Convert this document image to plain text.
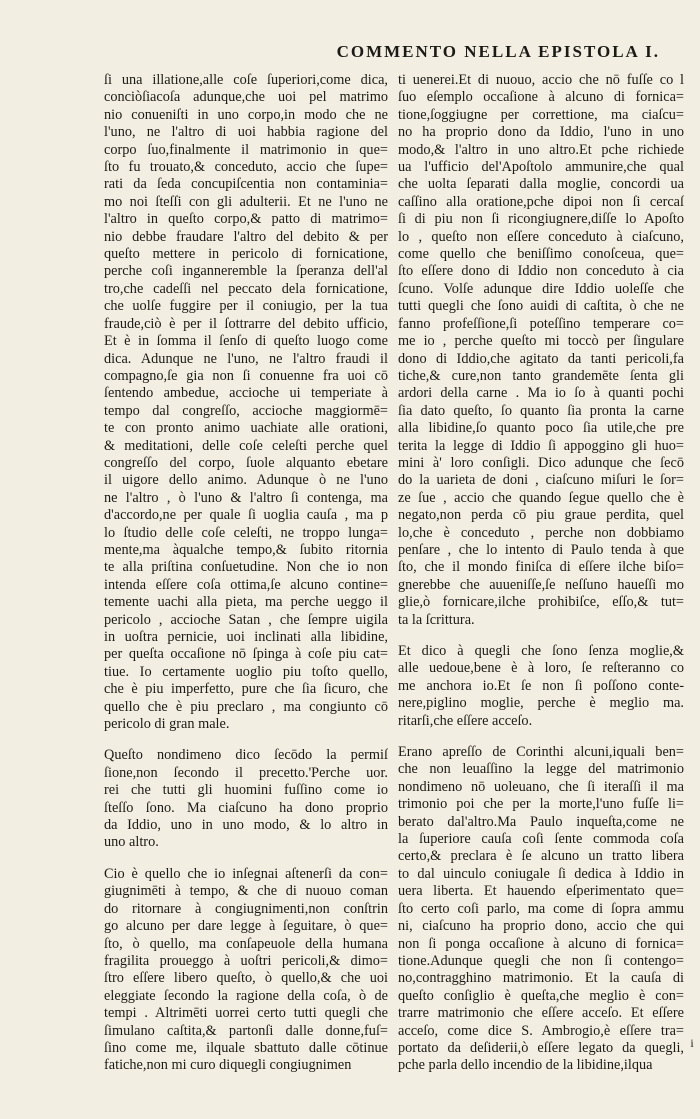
COMMENTO NELLA EPISTOLA I.

ſi una illatione,alle coſe ſuperiori,come dica,
conciòſiacoſa adunque,che uoi pel matrimo
nio conueniſti in uno corpo,in modo che ne
l'uno, ne l'altro di uoi habbia ragione del
corpo ſuo,finalmente il matrimonio in que=
ſto fu trouato,& conceduto, accio che ſupe=
rati da ſeda concupiſcentia non contaminia=
mo noi ſteſſi con gli adulterii. Et ne l'uno ne
l'altro in queſto corpo,& patto di matrimo=
nio debbe fraudare l'altro del debito & per
queſto mettere in pericolo di fornicatione,
perche coſi inganneremble la ſperanza dell'al
tro,che cadeſſi nel peccato dela fornicatione,
che uolſe fuggire per il coniugio, per la tua
fraude,ciò è per il ſottrarre del debito ufficio,
Et è in ſomma il ſenſo di queſto luogo come
dica. Adunque ne l'uno, ne l'altro fraudi il
compagno,ſe gia non ſi conuenne fra uoi cō
ſentendo ambedue, accioche ui temperiate à
tempo dal congreſſo, accioche maggiormē=
te con pronto animo uachiate alle orationi,
& meditationi, delle coſe celeſti perche quel
congreſſo del corpo, ſuole alquanto ebetare
il uigore dello animo. Adunque ò ne l'uno
ne l'altro , ò l'uno & l'altro ſi contenga, ma
d'accordo,ne per quale ſi uoglia cauſa , ma p
lo ſtudio delle coſe celeſti, ne troppo lunga=
mente,ma àqualche tempo,& ſubito ritornia
te alla priſtina conſuetudine. Non che io non
intenda eſſere coſa ottima,ſe alcuno contine=
temente uachi alla pieta, ma perche ueggo il
pericolo , accioche Satan , che ſempre uigila
in uoſtra pernicie, uoi inclinati alla libidine,
per queſta occaſione nō ſpinga à coſe piu cat=
tiue. Io certamente uoglio piu toſto quello,
che è piu imperfetto, pure che ſia ſicuro, che
quello che è piu preclaro , ma congiunto cō
pericolo di gran male.

Queſto nondimeno dico ſecōdo la permiſ
ſione,non ſecondo il precetto.'Perche uor.
rei che tutti gli huomini fuſſino come io
ſteſſo ſono. Ma ciaſcuno ha dono proprio
da Iddio, uno in uno modo, & lo altro in
uno altro.

Cio è quello che io inſegnai aſtenerſi da con=
giugnimēti à tempo, & che di nuouo coman
do ritornare à congiugnimenti,non conſtrin
go alcuno per dare legge à ſeguitare, ò que=
ſto, ò quello, ma conſapeuole della humana
fragilita proueggo à uoſtri pericoli,& dimo=
ſtro eſſere libero queſto, ò quello,& che uoi
eleggiate ſecondo la ragione della coſa, ò de
tempi . Altrimēti uorrei certo tutti quegli che
ſimulano caſtita,& partonſi dalle donne,fuſ=
ſino come me, ilquale sbattuto dalle cōtinue
fatiche,non mi curo diquegli congiugnimen

ti uenerei.Et di nuouo, accio che nō fuſſe co l
ſuo eſemplo occaſione à alcuno di fornica=
tione,ſoggiugne per correttione, ma ciaſcu=
no ha proprio dono da Iddio, l'uno in uno
modo,& l'altro in uno altro.Et pche richiede
ua l'ufficio del'Apoſtolo ammunire,che qual
che uolta ſeparati dalla moglie, concordi ua
caſſino alla oratione,pche dipoi non ſi cercaſ
ſi di piu non ſi ricongiugnere,diſſe lo Apoſto
lo , queſto non eſſere conceduto à ciaſcuno,
come quello che beniſſimo conoſceua, que=
ſto eſſere dono di Iddio non conceduto à cia
ſcuno. Volſe adunque dire Iddio uoleſſe che
tutti quegli che ſono auidi di caſtita, ò che ne
fanno profeſſione,ſi poteſſino temperare co=
me io , perche queſto mi toccò per ſingulare
dono di Iddio,che agitato da tanti pericoli,fa
tiche,& cure,non tanto grandemēte ſenta gli
ardori della carne . Ma io ſo à quanti pochi
ſia dato queſto, ſo quanto ſia pronta la carne
alla libidine,ſo quanto poco ſia utile,che pre
terita la legge di Iddio ſi appoggino gli huo=
mini à' loro conſigli. Dico adunque che ſecō
do la uarieta de doni , ciaſcuno miſuri le ſor=
ze ſue , accio che quando ſegue quello che è
negato,non perda cō piu graue perdita, quel
lo,che è conceduto , perche non dobbiamo
penſare , che lo intento di Paulo tenda à que
ſto, che il mondo finiſca di eſſere ilche biſo=
gnerebbe che auueniſſe,ſe neſſuno haueſſi mo
glie,ò fornicare,ilche prohibiſce, eſſo,& tut=
ta la ſcrittura.

Et dico à quegli che ſono ſenza moglie,&
alle uedoue,bene è à loro, ſe reſteranno co
me anchora io.Et ſe non ſi poſſono conte-
nere,piglino moglie, perche è meglio ma.
ritarſi,che eſſere acceſo.

Erano apreſſo de Corinthi alcuni,iquali ben=
che non leuaſſino la legge del matrimonio
nondimeno nō uoleuano, che ſi iteraſſi il ma
trimonio poi che per la morte,l'uno fuſſe li=
berato dal'altro.Ma Paulo inqueſta,come ne
la ſuperiore cauſa coſi ſente commoda coſa
certo,& preclara è ſe alcuno un tratto libera
to dal uinculo coniugale ſi dedica à Iddio in
uera liberta. Et hauendo eſperimentato que=
ſto certo coſi parlo, ma come di ſopra ammu
ni, ciaſcuno ha proprio dono, accio che qui
non ſi ponga occaſione à alcuno di fornica=
tione.Adunque quegli che non ſi contengo=
no,contragghino matrimonio. Et la cauſa di
queſto conſiglio è queſta,che meglio è con=
trarre matrimonio che eſſere acceſo. Et eſſere
acceſo, come dice S. Ambrogio,è eſſere tra=
portato da deſiderii,ò eſſere legato da quegli,
pche parla dello incendio de la libidine,ilqua

i
